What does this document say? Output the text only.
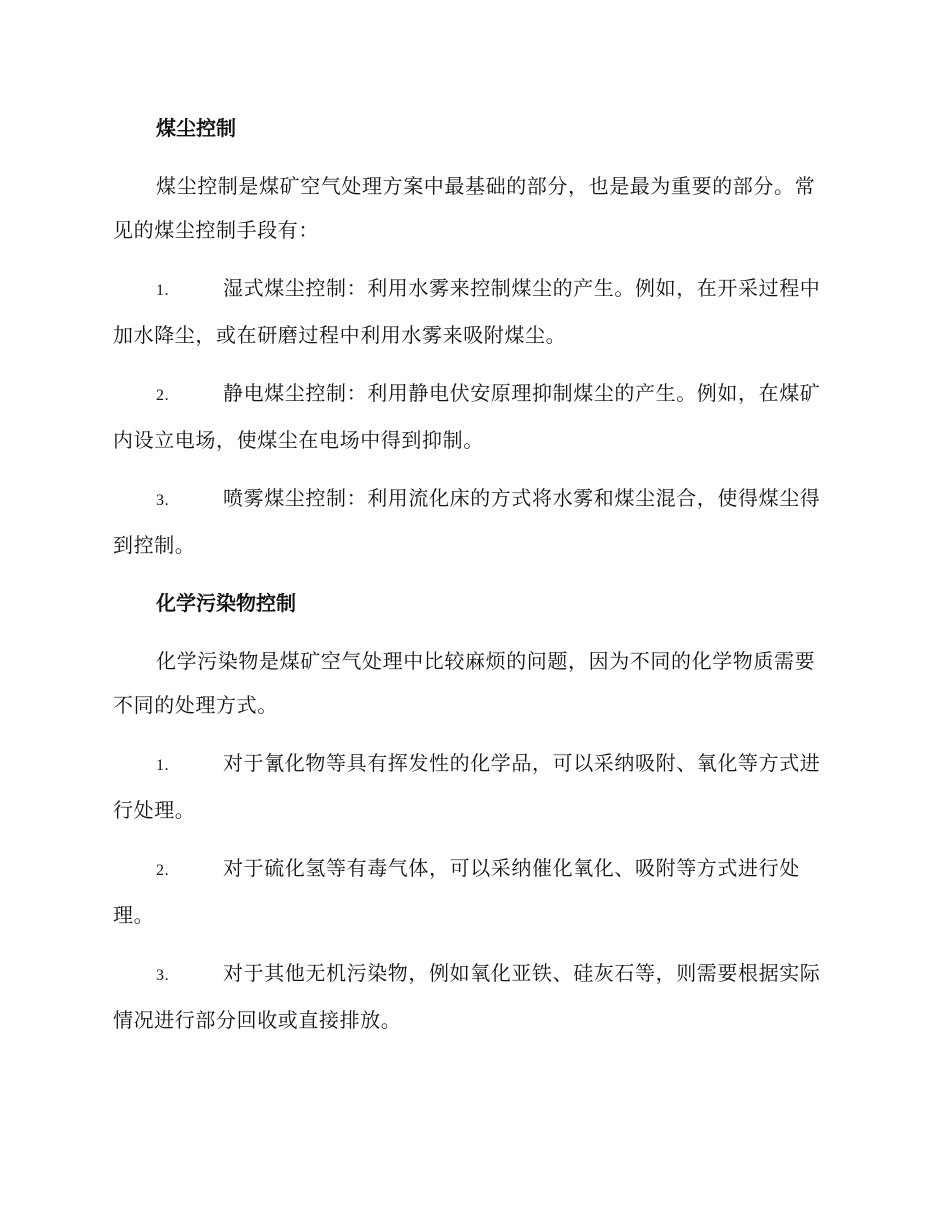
煤尘控制

煤尘控制是煤矿空气处理方案中最基础的部分，也是最为重要的部分。常见的煤尘控制手段有：

1.	湿式煤尘控制：利用水雾来控制煤尘的产生。例如，在开采过程中加水降尘，或在研磨过程中利用水雾来吸附煤尘。
2.	静电煤尘控制：利用静电伏安原理抑制煤尘的产生。例如，在煤矿内设立电场，使煤尘在电场中得到抑制。
3.	喷雾煤尘控制：利用流化床的方式将水雾和煤尘混合，使得煤尘得到控制。
化学污染物控制

化学污染物是煤矿空气处理中比较麻烦的问题，因为不同的化学物质需要不同的处理方式。

1.	对于氰化物等具有挥发性的化学品，可以采纳吸附、氧化等方式进行处理。
2.	对于硫化氢等有毒气体，可以采纳催化氧化、吸附等方式进行处理。
3.	对于其他无机污染物，例如氧化亚铁、硅灰石等，则需要根据实际情况进行部分回收或直接排放。
